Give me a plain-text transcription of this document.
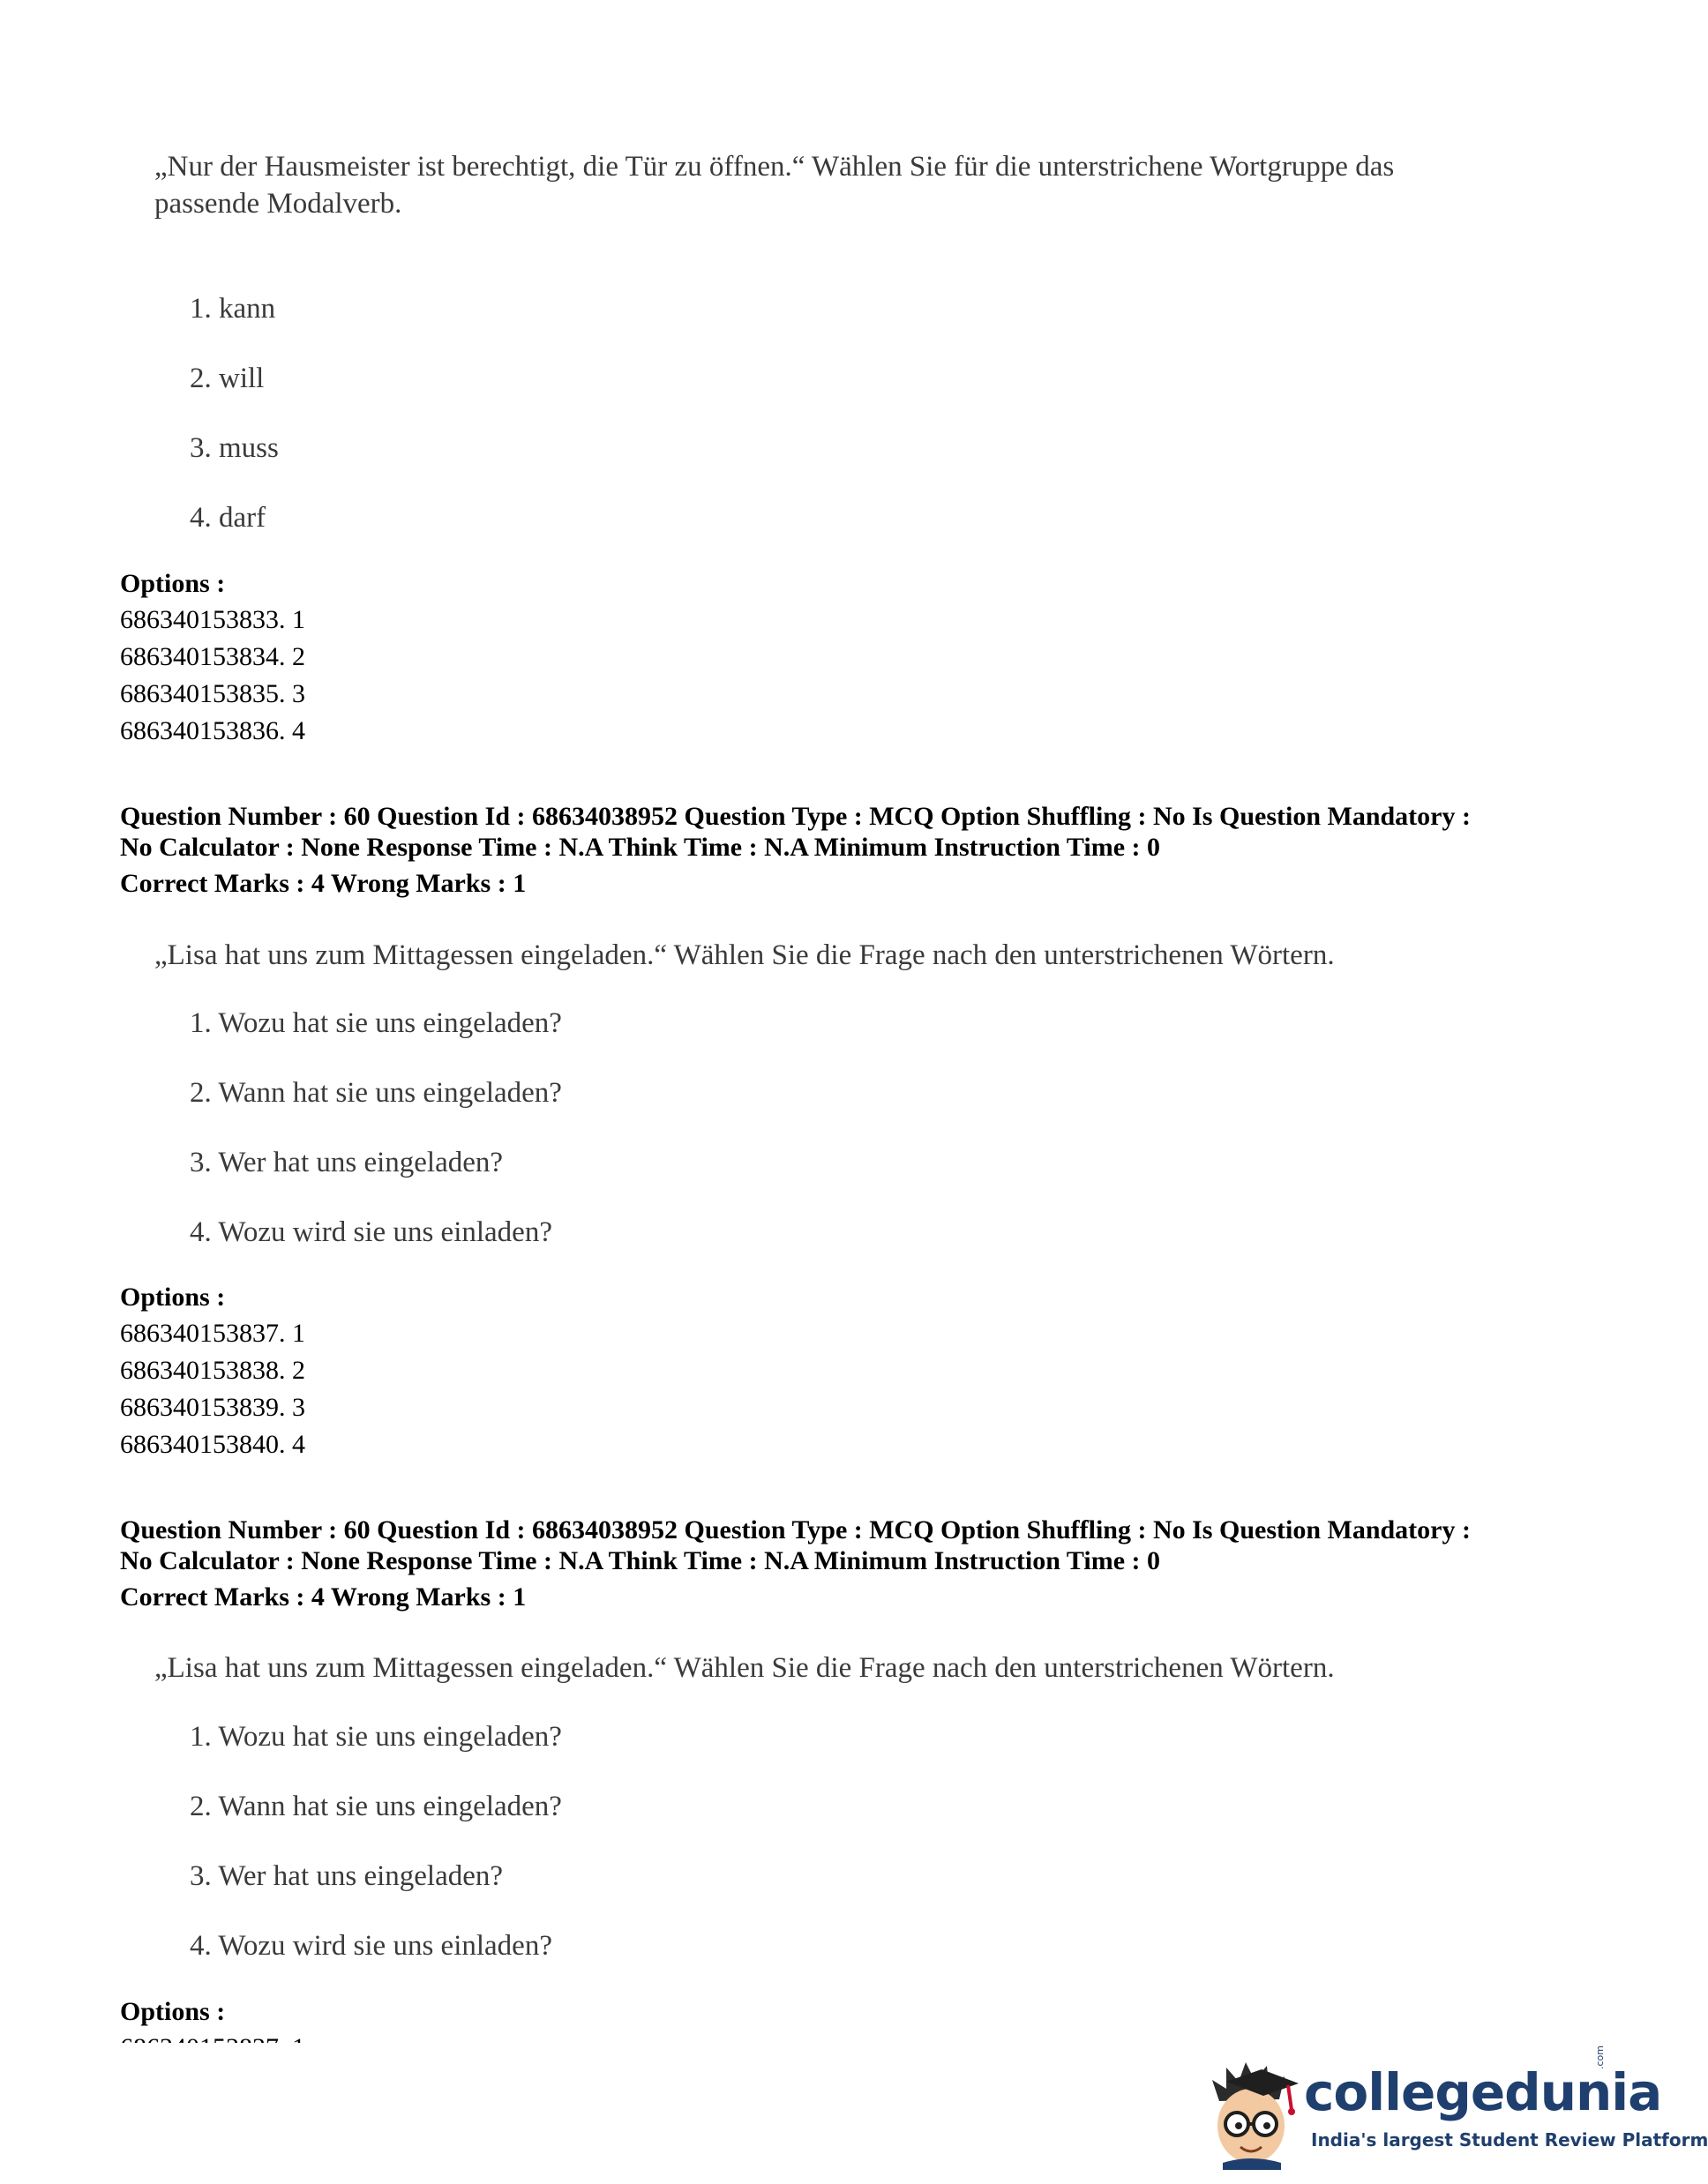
„Nur der Hausmeister ist berechtigt, die Tür zu öffnen.“ Wählen Sie für die unterstrichene Wortgruppe das passende Modalverb.
1. kann
2. will
3. muss
4. darf
Options :
686340153833. 1
686340153834. 2
686340153835. 3
686340153836. 4
Question Number : 60 Question Id : 68634038952 Question Type : MCQ Option Shuffling : No Is Question Mandatory :
No Calculator : None Response Time : N.A Think Time : N.A Minimum Instruction Time : 0
Correct Marks : 4 Wrong Marks : 1
„Lisa hat uns zum Mittagessen eingeladen.“ Wählen Sie die Frage nach den unterstrichenen Wörtern.
1. Wozu hat sie uns eingeladen?
2. Wann hat sie uns eingeladen?
3. Wer hat uns eingeladen?
4. Wozu wird sie uns einladen?
Options :
686340153837. 1
686340153838. 2
686340153839. 3
686340153840. 4
Question Number : 60 Question Id : 68634038952 Question Type : MCQ Option Shuffling : No Is Question Mandatory :
No Calculator : None Response Time : N.A Think Time : N.A Minimum Instruction Time : 0
Correct Marks : 4 Wrong Marks : 1
„Lisa hat uns zum Mittagessen eingeladen.“ Wählen Sie die Frage nach den unterstrichenen Wörtern.
1. Wozu hat sie uns eingeladen?
2. Wann hat sie uns eingeladen?
3. Wer hat uns eingeladen?
4. Wozu wird sie uns einladen?
Options :
collegedunia
.com
India's largest Student Review Platform
